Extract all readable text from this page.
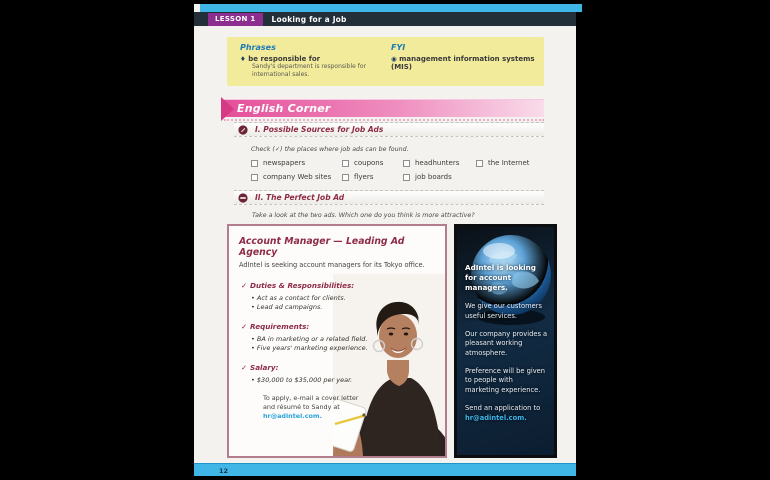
LESSON 1	Looking for a Job
Phrases
♦ be responsible for
Sandy's department is responsible for
international sales.
FYI
◉ management information systems (MIS)
English Corner
I. Possible Sources for Job Ads
Check (✓) the places where job ads can be found.
newspapers	coupons	headhunters	the Internet
company Web sites	flyers	job boards
II. The Perfect Job Ad
Take a look at the two ads. Which one do you think is more attractive?
Account Manager — Leading Ad Agency
AdIntel is seeking account managers for its Tokyo office.
✓ Duties & Responsibilities:
• Act as a contact for clients.
• Lead ad campaigns.
✓ Requirements:
• BA in marketing or a related field.
• Five years' marketing experience.
✓ Salary:
• $30,000 to $35,000 per year.
To apply, e-mail a cover letter
and résumé to Sandy at
hr@adintel.com.
AdIntel is looking for account managers.
We give our customers useful services.
Our company provides a pleasant working atmosphere.
Preference will be given to people with marketing experience.
Send an application to
hr@adintel.com.
12
